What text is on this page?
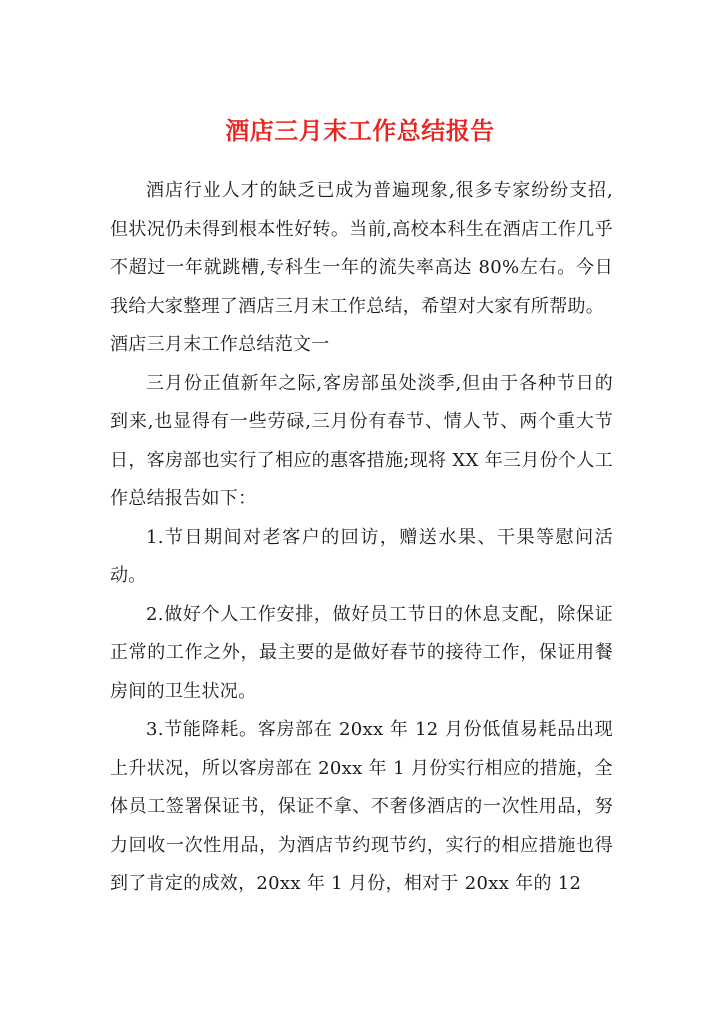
酒店三月末工作总结报告

酒店行业人才的缺乏已成为普遍现象,很多专家纷纷支招,但状况仍未得到根本性好转。当前,高校本科生在酒店工作几乎不超过一年就跳槽,专科生一年的流失率高达 80%左右。今日我给大家整理了酒店三月末工作总结，希望对大家有所帮助。

酒店三月末工作总结范文一

三月份正值新年之际,客房部虽处淡季,但由于各种节日的到来,也显得有一些劳碌,三月份有春节、情人节、两个重大节日，客房部也实行了相应的惠客措施;现将 XX 年三月份个人工作总结报告如下：

1.节日期间对老客户的回访，赠送水果、干果等慰问活动。

2.做好个人工作安排，做好员工节日的休息支配，除保证正常的工作之外，最主要的是做好春节的接待工作，保证用餐房间的卫生状况。

3.节能降耗。客房部在 20xx 年 12 月份低值易耗品出现上升状况，所以客房部在 20xx 年 1 月份实行相应的措施，全体员工签署保证书，保证不拿、不奢侈酒店的一次性用品，努力回收一次性用品，为酒店节约现节约，实行的相应措施也得到了肯定的成效，20xx 年 1 月份，相对于 20xx 年的 12
